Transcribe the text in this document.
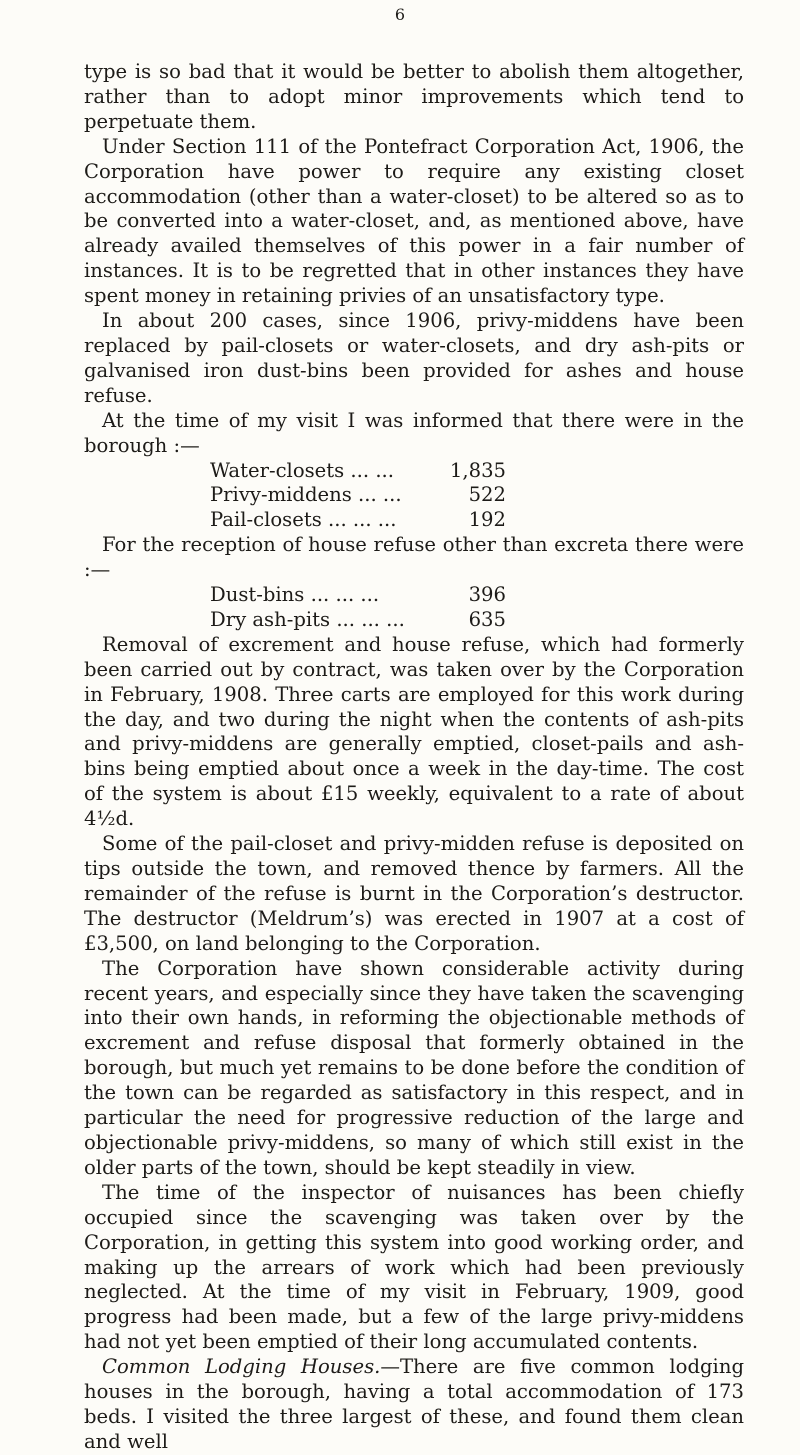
6

type is so bad that it would be better to abolish them altogether, rather than to adopt minor improvements which tend to perpetuate them.

Under Section 111 of the Pontefract Corporation Act, 1906, the Corporation have power to require any existing closet accommodation (other than a water-closet) to be altered so as to be converted into a water-closet, and, as mentioned above, have already availed themselves of this power in a fair number of instances. It is to be regretted that in other instances they have spent money in retaining privies of an unsatisfactory type.

In about 200 cases, since 1906, privy-middens have been replaced by pail-closets or water-closets, and dry ash-pits or galvanised iron dust-bins been provided for ashes and house refuse.

At the time of my visit I was informed that there were in the borough :—

Water-closets ... ...	1,835
Privy-middens ... ...	522
Pail-closets ... ... ...	192

For the reception of house refuse other than excreta there were :—

Dust-bins ... ... ...	396
Dry ash-pits ... ... ...	635

Removal of excrement and house refuse, which had formerly been carried out by contract, was taken over by the Corporation in February, 1908. Three carts are employed for this work during the day, and two during the night when the contents of ash-pits and privy-middens are generally emptied, closet-pails and ash-bins being emptied about once a week in the day-time. The cost of the system is about £15 weekly, equivalent to a rate of about 4½d.

Some of the pail-closet and privy-midden refuse is deposited on tips outside the town, and removed thence by farmers. All the remainder of the refuse is burnt in the Corporation’s destructor. The destructor (Meldrum’s) was erected in 1907 at a cost of £3,500, on land belonging to the Corporation.

The Corporation have shown considerable activity during recent years, and especially since they have taken the scavenging into their own hands, in reforming the objectionable methods of excrement and refuse disposal that formerly obtained in the borough, but much yet remains to be done before the condition of the town can be regarded as satisfactory in this respect, and in particular the need for progressive reduction of the large and objectionable privy-middens, so many of which still exist in the older parts of the town, should be kept steadily in view.

The time of the inspector of nuisances has been chiefly occupied since the scavenging was taken over by the Corporation, in getting this system into good working order, and making up the arrears of work which had been previously neglected. At the time of my visit in February, 1909, good progress had been made, but a few of the large privy-middens had not yet been emptied of their long accumulated contents.

Common Lodging Houses.—There are five common lodging houses in the borough, having a total accommodation of 173 beds. I visited the three largest of these, and found them clean and well
